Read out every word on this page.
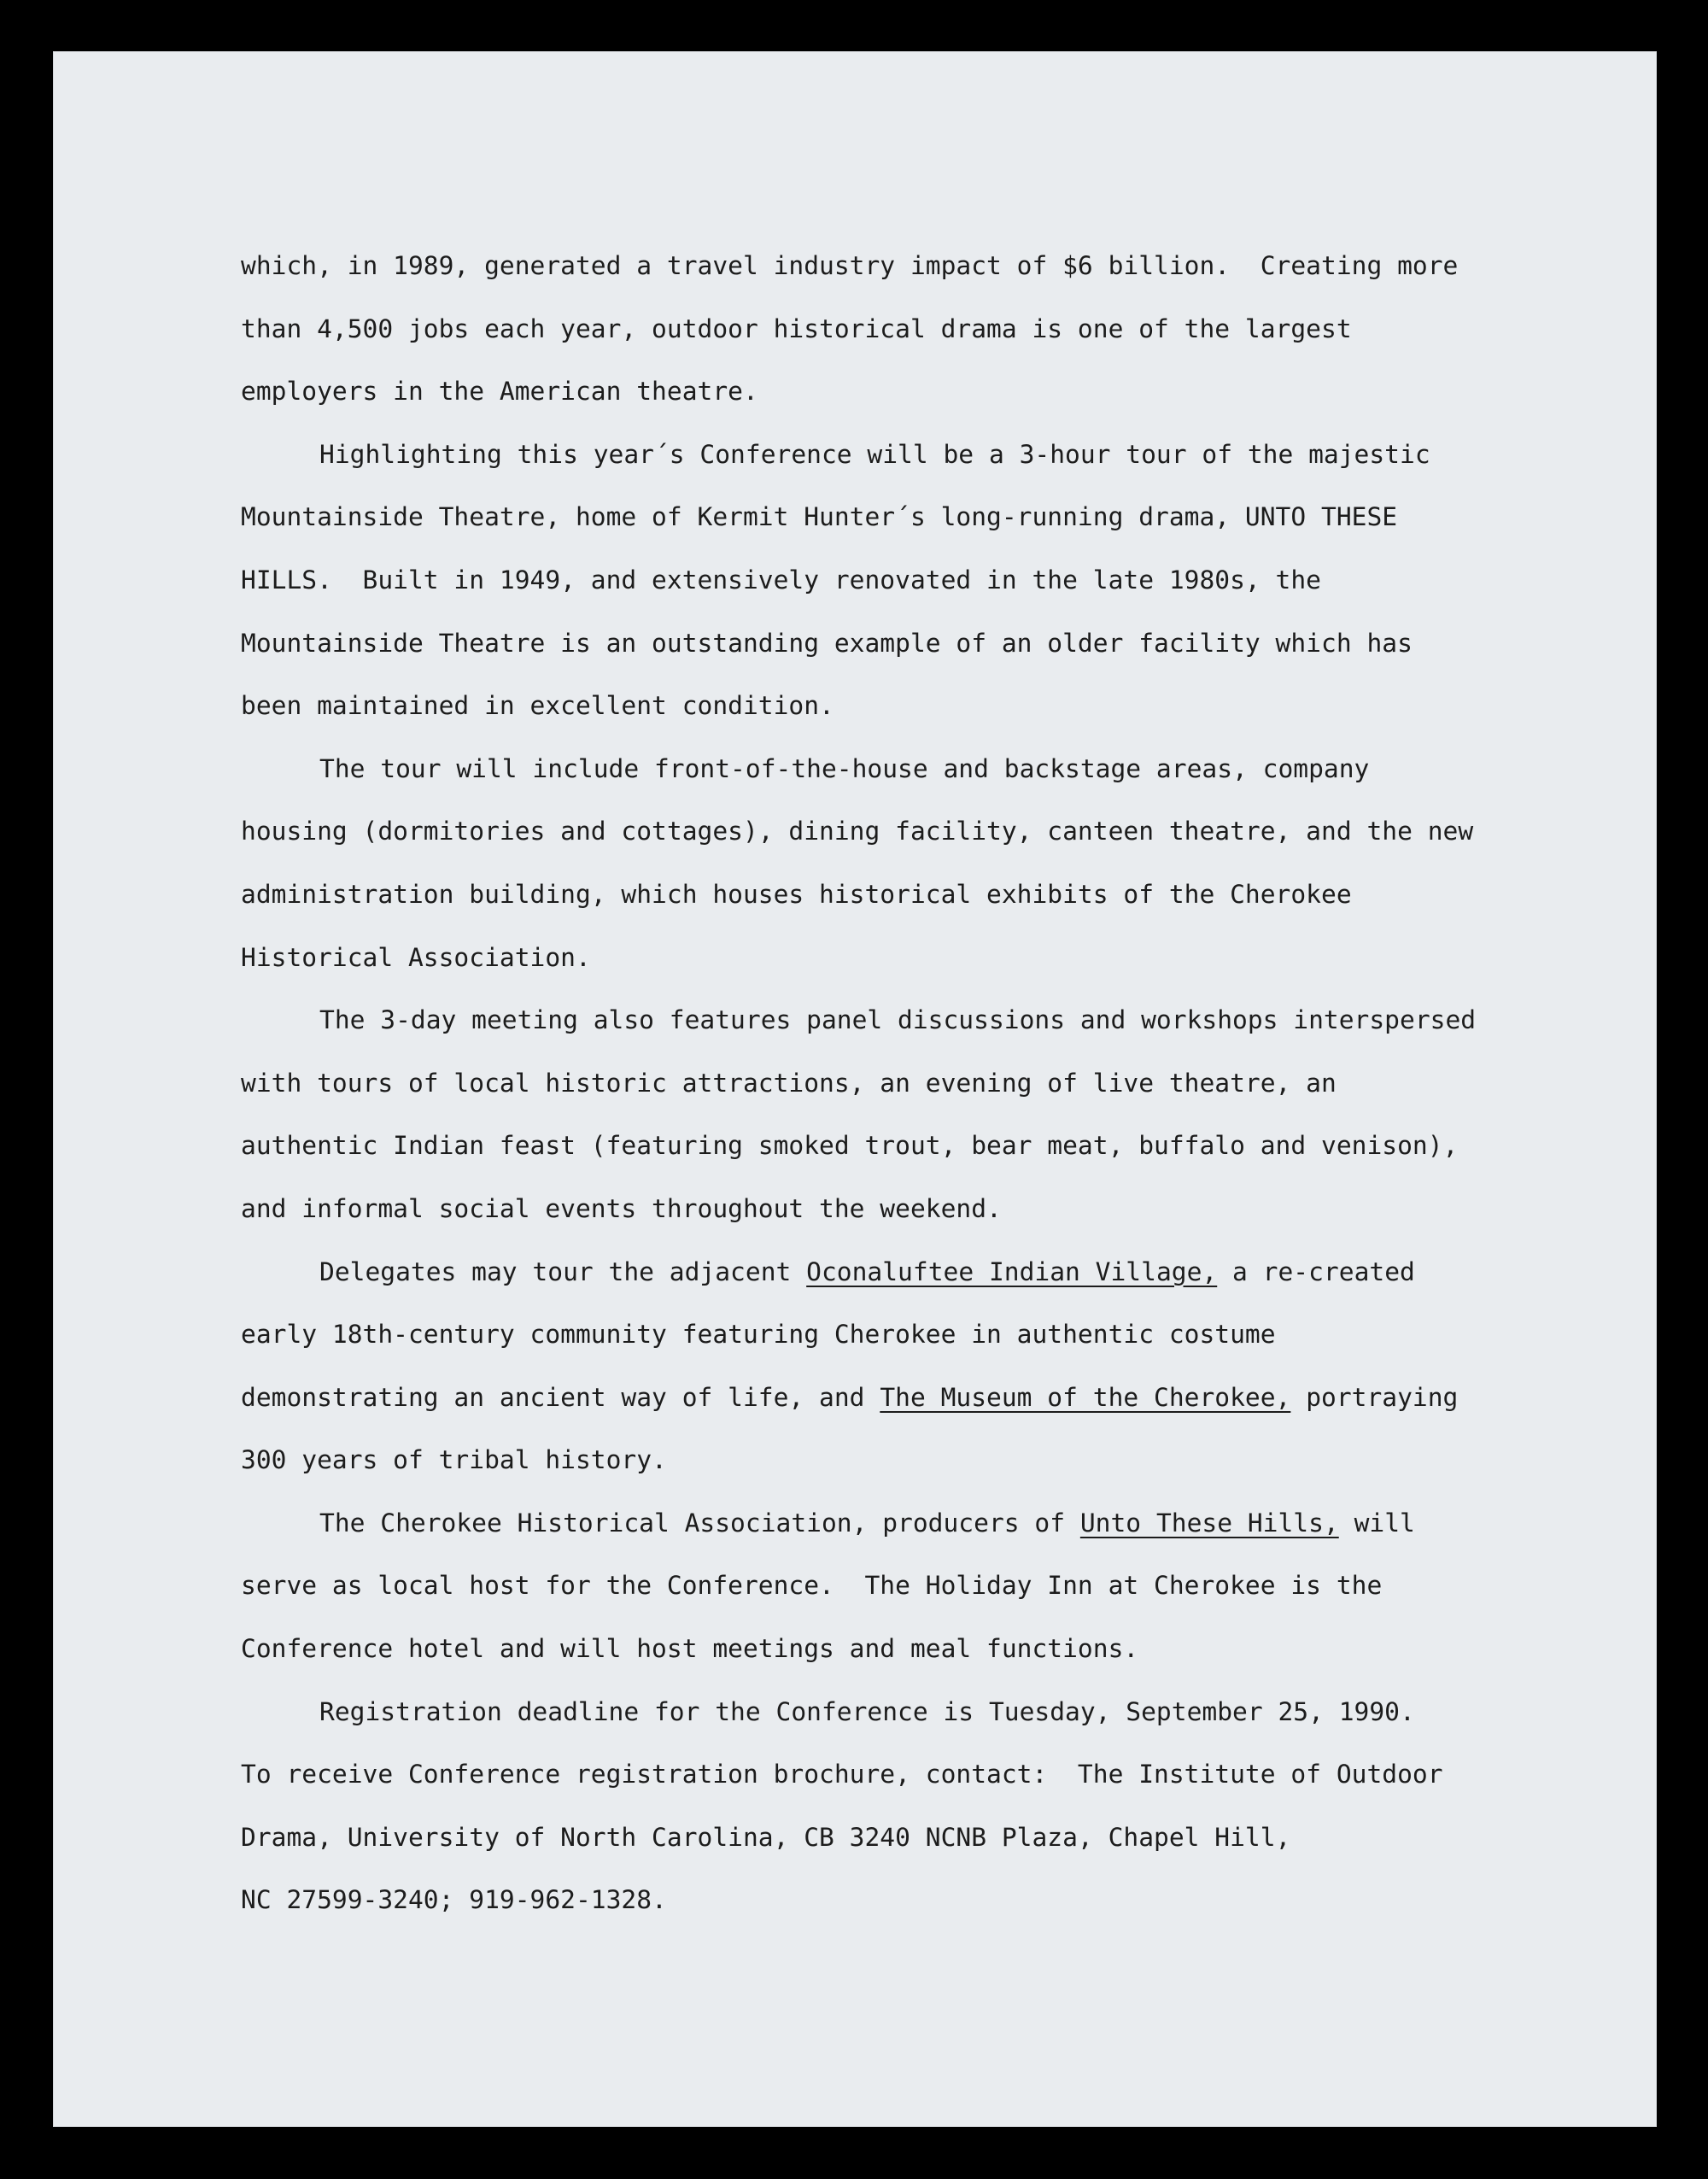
which, in 1989, generated a travel industry impact of $6 billion.  Creating more
than 4,500 jobs each year, outdoor historical drama is one of the largest
employers in the American theatre.
Highlighting this year´s Conference will be a 3-hour tour of the majestic
Mountainside Theatre, home of Kermit Hunter´s long-running drama, UNTO THESE
HILLS.  Built in 1949, and extensively renovated in the late 1980s, the
Mountainside Theatre is an outstanding example of an older facility which has
been maintained in excellent condition.
The tour will include front-of-the-house and backstage areas, company
housing (dormitories and cottages), dining facility, canteen theatre, and the new
administration building, which houses historical exhibits of the Cherokee
Historical Association.
The 3-day meeting also features panel discussions and workshops interspersed
with tours of local historic attractions, an evening of live theatre, an
authentic Indian feast (featuring smoked trout, bear meat, buffalo and venison),
and informal social events throughout the weekend.
Delegates may tour the adjacent Oconaluftee Indian Village, a re-created
early 18th-century community featuring Cherokee in authentic costume
demonstrating an ancient way of life, and The Museum of the Cherokee, portraying
300 years of tribal history.
The Cherokee Historical Association, producers of Unto These Hills, will
serve as local host for the Conference.  The Holiday Inn at Cherokee is the
Conference hotel and will host meetings and meal functions.
Registration deadline for the Conference is Tuesday, September 25, 1990.
To receive Conference registration brochure, contact:  The Institute of Outdoor
Drama, University of North Carolina, CB 3240 NCNB Plaza, Chapel Hill,
NC 27599-3240; 919-962-1328.
